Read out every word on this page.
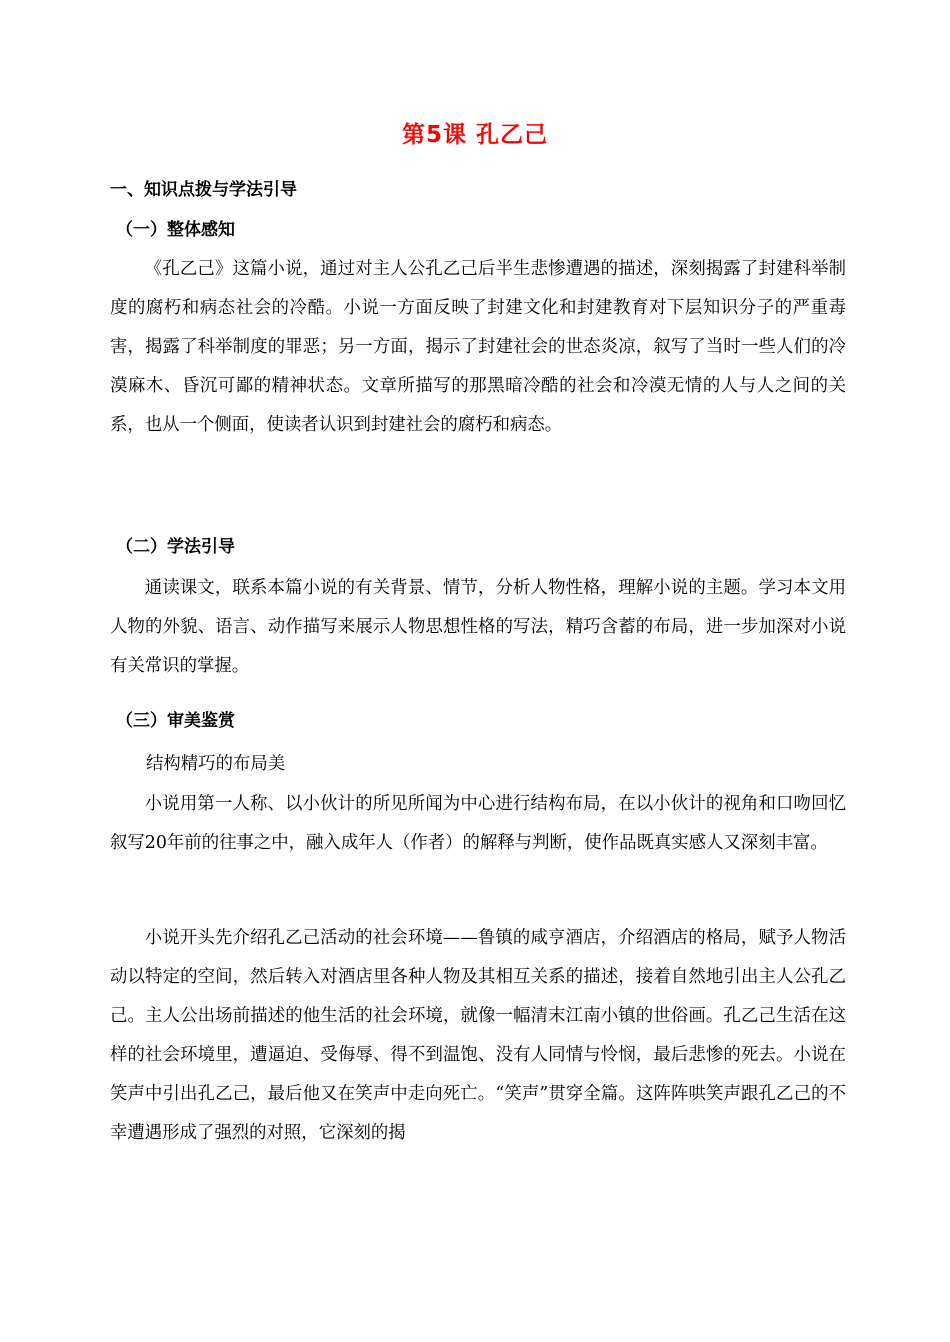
第5课 孔乙己
一、知识点拨与学法引导
（一）整体感知
《孔乙己》这篇小说，通过对主人公孔乙己后半生悲惨遭遇的描述，深刻揭露了封建科举制度的腐朽和病态社会的冷酷。小说一方面反映了封建文化和封建教育对下层知识分子的严重毒害，揭露了科举制度的罪恶；另一方面，揭示了封建社会的世态炎凉，叙写了当时一些人们的冷漠麻木、昏沉可鄙的精神状态。文章所描写的那黑暗冷酷的社会和冷漠无情的人与人之间的关系，也从一个侧面，使读者认识到封建社会的腐朽和病态。
（二）学法引导
通读课文，联系本篇小说的有关背景、情节，分析人物性格，理解小说的主题。学习本文用人物的外貌、语言、动作描写来展示人物思想性格的写法，精巧含蓄的布局，进一步加深对小说有关常识的掌握。
（三）审美鉴赏
结构精巧的布局美
小说用第一人称、以小伙计的所见所闻为中心进行结构布局，在以小伙计的视角和口吻回忆叙写20年前的往事之中，融入成年人（作者）的解释与判断，使作品既真实感人又深刻丰富。
小说开头先介绍孔乙己活动的社会环境——鲁镇的咸亨酒店，介绍酒店的格局，赋予人物活动以特定的空间，然后转入对酒店里各种人物及其相互关系的描述，接着自然地引出主人公孔乙己。主人公出场前描述的他生活的社会环境，就像一幅清末江南小镇的世俗画。孔乙己生活在这样的社会环境里，遭逼迫、受侮辱、得不到温饱、没有人同情与怜悯，最后悲惨的死去。小说在笑声中引出孔乙己，最后他又在笑声中走向死亡。“笑声”贯穿全篇。这阵阵哄笑声跟孔乙己的不幸遭遇形成了强烈的对照，它深刻的揭
